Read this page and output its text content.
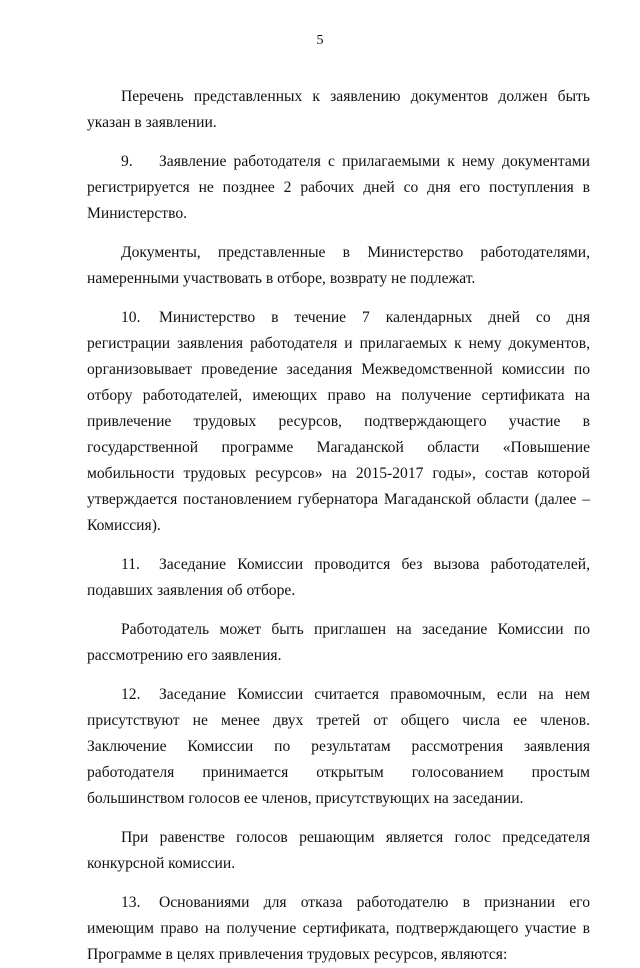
5

Перечень представленных к заявлению документов должен быть указан в заявлении.

9. Заявление работодателя с прилагаемыми к нему документами регистрируется не позднее 2 рабочих дней со дня его поступления в Министерство.

Документы, представленные в Министерство работодателями, намеренными участвовать в отборе, возврату не подлежат.

10. Министерство в течение 7 календарных дней со дня регистрации заявления работодателя и прилагаемых к нему документов, организовывает проведение заседания Межведомственной комиссии по отбору работодателей, имеющих право на получение сертификата на привлечение трудовых ресурсов, подтверждающего участие в государственной программе Магаданской области «Повышение мобильности трудовых ресурсов» на 2015-2017 годы», состав которой утверждается постановлением губернатора Магаданской области (далее – Комиссия).

11. Заседание Комиссии проводится без вызова работодателей, подавших заявления об отборе.

Работодатель может быть приглашен на заседание Комиссии по рассмотрению его заявления.

12. Заседание Комиссии считается правомочным, если на нем присутствуют не менее двух третей от общего числа ее членов. Заключение Комиссии по результатам рассмотрения заявления работодателя принимается открытым голосованием простым большинством голосов ее членов, присутствующих на заседании.

При равенстве голосов решающим является голос председателя конкурсной комиссии.

13. Основаниями для отказа работодателю в признании его имеющим право на получение сертификата, подтверждающего участие в Программе в целях привлечения трудовых ресурсов, являются:
